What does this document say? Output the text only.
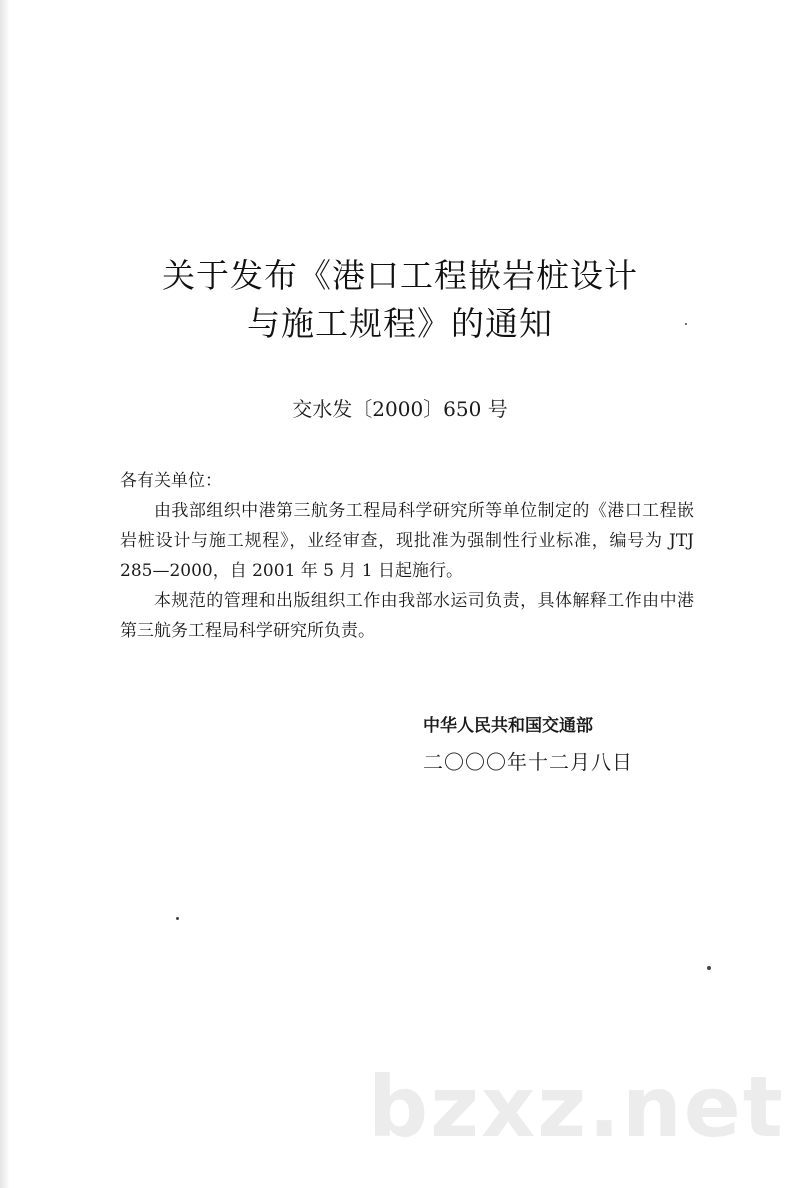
关于发布《港口工程嵌岩桩设计
与施工规程》的通知
交水发〔2000〕650 号

各有关单位：

由我部组织中港第三航务工程局科学研究所等单位制定的《港口工程嵌岩桩设计与施工规程》，业经审查，现批准为强制性行业标准，编号为 JTJ 285—2000，自 2001 年 5 月 1 日起施行。

本规范的管理和出版组织工作由我部水运司负责，具体解释工作由中港第三航务工程局科学研究所负责。

中华人民共和国交通部
二〇〇〇年十二月八日
bzxz.net
